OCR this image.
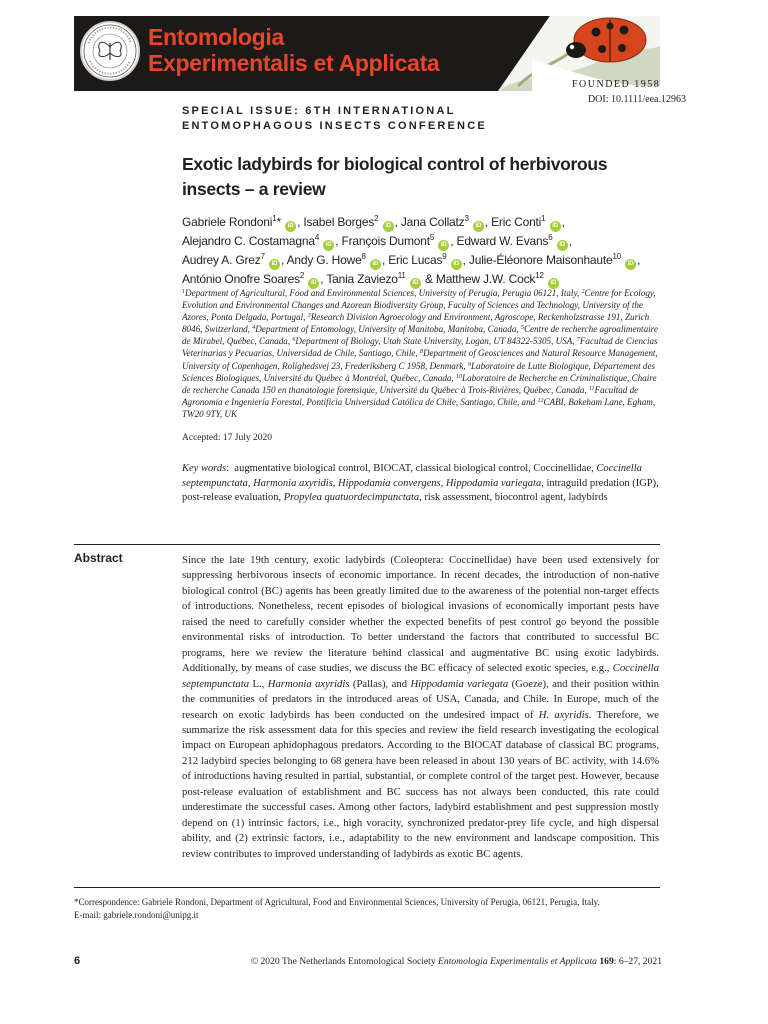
Entomologia
Experimentalis et Applicata
FOUNDED 1958
DOI: 10.1111/eea.12963
SPECIAL ISSUE: 6TH INTERNATIONAL ENTOMOPHAGOUS INSECTS CONFERENCE
Exotic ladybirds for biological control of herbivorous insects – a review
Gabriele Rondoni$^1$* iD , Isabel Borges$^2$ iD , Jana Collatz$^3$ iD , Eric Conti$^1$ iD ,
Alejandro C. Costamagna$^4$ iD , François Dumont$^5$ iD , Edward W. Evans$^6$ iD ,
Audrey A. Grez$^7$ iD , Andy G. Howe$^8$ iD , Eric Lucas$^9$ iD , Julie-Éléonore Maisonhaute$^{10}$ iD ,
António Onofre Soares$^2$ iD , Tania Zaviezo$^{11}$ iD & Matthew J.W. Cock$^{12}$ iD
$^1$Department of Agricultural, Food and Environmental Sciences, University of Perugia, Perugia 06121, Italy, $^2$Centre for Ecology, Evolution and Environmental Changes and Azorean Biodiversity Group, Faculty of Sciences and Technology, University of the Azores, Ponta Delgada, Portugal, $^3$Research Division Agroecology and Environment, Agroscope, Reckenholzstrasse 191, Zurich 8046, Switzerland, $^4$Department of Entomology, University of Manitoba, Manitoba, Canada, $^5$Centre de recherche agroalimentaire de Mirabel, Québec, Canada, $^6$Department of Biology, Utah State University, Logan, UT 84322-5305, USA, $^7$Facultad de Ciencias Veterinarias y Pecuarias, Universidad de Chile, Santiago, Chile, $^8$Department of Geosciences and Natural Resource Management, University of Copenhagen, Rolighedsvej 23, Frederiksberg C 1958, Denmark, $^9$Laboratoire de Lutte Biologique, Département des Sciences Biologiques, Université du Québec à Montréal, Québec, Canada, $^{10}$Laboratoire de Recherche en Criminalistique, Chaire de recherche Canada 150 en thanatologie forensique, Université du Québec à Trois-Rivières, Québec, Canada, $^{11}$Facultad de Agronomía e Ingeniería Forestal, Pontificia Universidad Católica de Chile, Santiago, Chile, and $^{12}$CABI, Bakeham Lane, Egham, TW20 9TY, UK
Accepted: 17 July 2020
Key words:  augmentative biological control, BIOCAT, classical biological control, Coccinellidae, Coccinella septempunctata, Harmonia axyridis, Hippodamia convergens, Hippodamia variegata, intraguild predation (IGP), post-release evaluation, Propylea quatuordecimpunctata, risk assessment, biocontrol agent, ladybirds
Abstract	Since the late 19th century, exotic ladybirds (Coleoptera: Coccinellidae) have been used extensively for suppressing herbivorous insects of economic importance. In recent decades, the introduction of non-native biological control (BC) agents has been greatly limited due to the awareness of the potential non-target effects of introductions. Nonetheless, recent episodes of biological invasions of economically important pests have raised the need to carefully consider whether the expected benefits of pest control go beyond the possible environmental risks of introduction. To better understand the factors that contributed to successful BC programs, here we review the literature behind classical and augmentative BC using exotic ladybirds. Additionally, by means of case studies, we discuss the BC efficacy of selected exotic species, e.g., Coccinella septempunctata L., Harmonia axyridis (Pallas), and Hippodamia variegata (Goeze), and their position within the communities of predators in the introduced areas of USA, Canada, and Chile. In Europe, much of the research on exotic ladybirds has been conducted on the undesired impact of H. axyridis. Therefore, we summarize the risk assessment data for this species and review the field research investigating the ecological impact on European aphidophagous predators. According to the BIOCAT database of classical BC programs, 212 ladybird species belonging to 68 genera have been released in about 130 years of BC activity, with 14.6% of introductions having resulted in partial, substantial, or complete control of the target pest. However, because post-release evaluation of establishment and BC success has not always been conducted, this rate could underestimate the successful cases. Among other factors, ladybird establishment and pest suppression mostly depend on (1) intrinsic factors, i.e., high voracity, synchronized predator-prey life cycle, and high dispersal ability, and (2) extrinsic factors, i.e., adaptability to the new environment and landscape composition. This review contributes to improved understanding of ladybirds as exotic BC agents.
*Correspondence: Gabriele Rondoni, Department of Agricultural, Food and Environmental Sciences, University of Perugia, 06121, Perugia, Italy.
E-mail: gabriele.rondoni@unipg.it
6	© 2020 The Netherlands Entomological Society Entomologia Experimentalis et Applicata 169: 6–27, 2021
